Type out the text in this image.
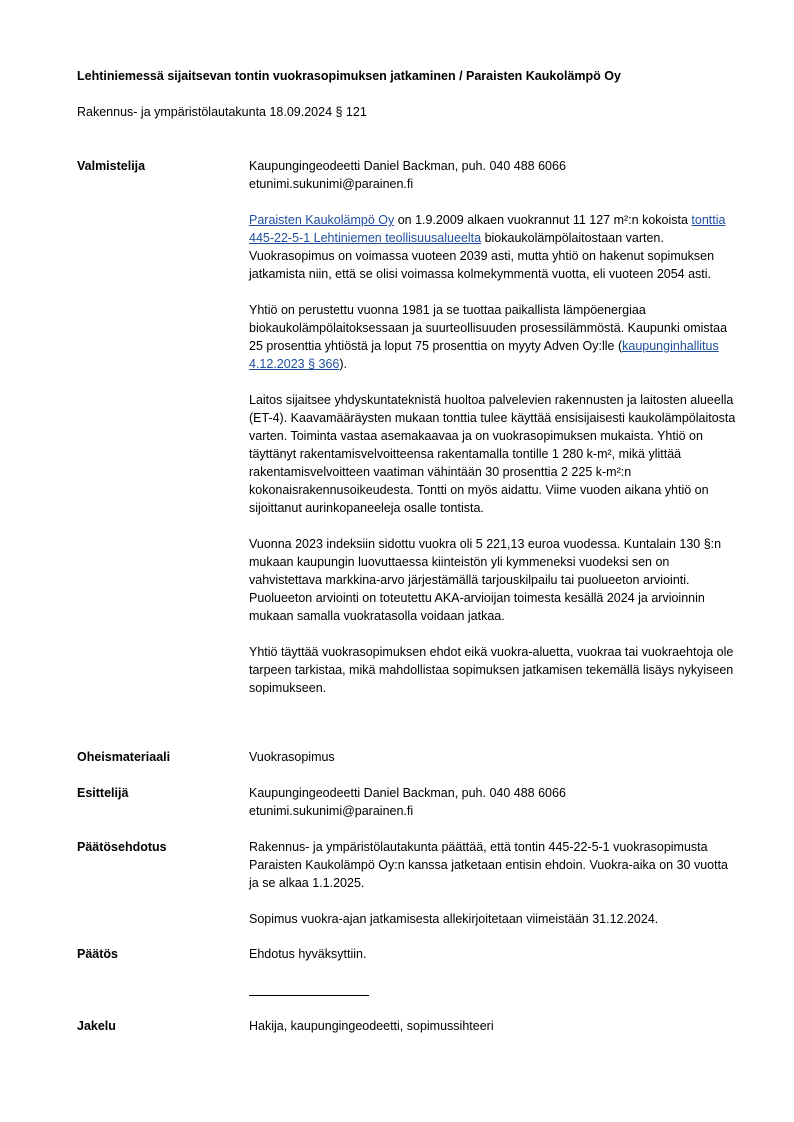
Lehtiniemessä sijaitsevan tontin vuokrasopimuksen jatkaminen / Paraisten Kaukolämpö Oy
Rakennus- ja ympäristölautakunta 18.09.2024 § 121
Valmistelija	Kaupungingeodeetti Daniel Backman, puh. 040 488 6066
etunimi.sukunimi@parainen.fi

Paraisten Kaukolämpö Oy on 1.9.2009 alkaen vuokrannut 11 127 m²:n kokoista tonttia 445-22-5-1 Lehtiniemen teollisuusalueelta biokaukolämpölaitostaan varten. Vuokrasopimus on voimassa vuoteen 2039 asti, mutta yhtiö on hakenut sopimuksen jatkamista niin, että se olisi voimassa kolmekymmentä vuotta, eli vuoteen 2054 asti.

Yhtiö on perustettu vuonna 1981 ja se tuottaa paikallista lämpöenergiaa biokaukolämpölaitoksessaan ja suurteollisuuden prosessilämmöstä. Kaupunki omistaa 25 prosenttia yhtiöstä ja loput 75 prosenttia on myyty Adven Oy:lle (kaupunginhallitus 4.12.2023 § 366).

Laitos sijaitsee yhdyskuntateknistä huoltoa palvelevien rakennusten ja laitosten alueella (ET-4). Kaavamääräysten mukaan tonttia tulee käyttää ensisijaisesti kaukolämpölaitosta varten. Toiminta vastaa asemakaavaa ja on vuokrasopimuksen mukaista. Yhtiö on täyttänyt rakentamisvelvoitteensa rakentamalla tontille 1 280 k-m², mikä ylittää rakentamisvelvoitteen vaatiman vähintään 30 prosenttia 2 225 k-m²:n kokonaisrakennusoikeudesta. Tontti on myös aidattu. Viime vuoden aikana yhtiö on sijoittanut aurinkopaneeleja osalle tontista.

Vuonna 2023 indeksiin sidottu vuokra oli 5 221,13 euroa vuodessa. Kuntalain 130 §:n mukaan kaupungin luovuttaessa kiinteistön yli kymmeneksi vuodeksi sen on vahvistettava markkina-arvo järjestämällä tarjouskilpailu tai puolueeton arviointi. Puolueeton arviointi on toteutettu AKA-arvioijan toimesta kesällä 2024 ja arvioinnin mukaan samalla vuokratasolla voidaan jatkaa.

Yhtiö täyttää vuokrasopimuksen ehdot eikä vuokra-aluetta, vuokraa tai vuokraehtoja ole tarpeen tarkistaa, mikä mahdollistaa sopimuksen jatkamisen tekemällä lisäys nykyiseen sopimukseen.

Oheismateriaali	Vuokrasopimus
Esittelijä	Kaupungingeodeetti Daniel Backman, puh. 040 488 6066
etunimi.sukunimi@parainen.fi
Päätösehdotus	Rakennus- ja ympäristölautakunta päättää, että tontin 445-22-5-1 vuokrasopimusta Paraisten Kaukolämpö Oy:n kanssa jatketaan entisin ehdoin. Vuokra-aika on 30 vuotta ja se alkaa 1.1.2025.

Sopimus vuokra-ajan jatkamisesta allekirjoitetaan viimeistään 31.12.2024.

Päätös	Ehdotus hyväksyttiin.
Jakelu	Hakija, kaupungingeodeetti, sopimussihteeri
